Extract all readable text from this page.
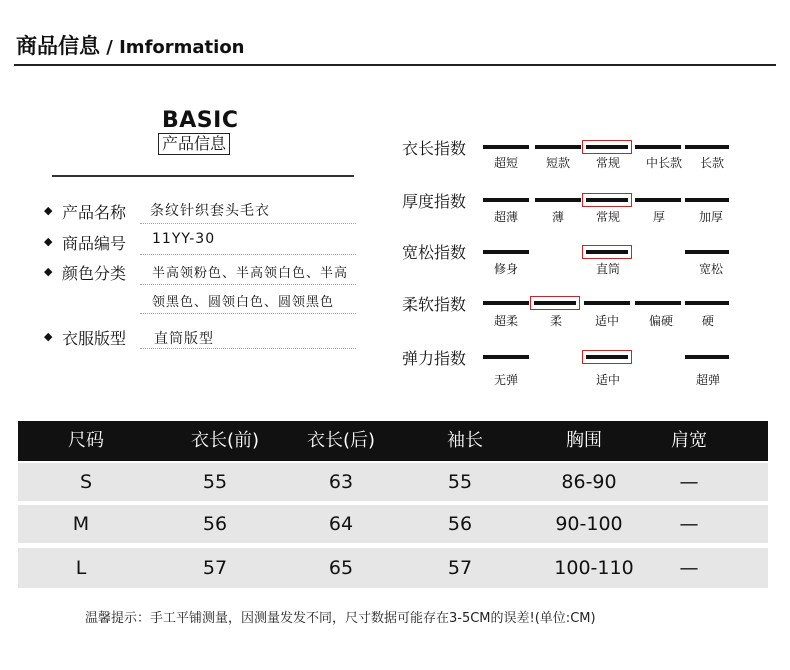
商品信息 / Imformation
BASIC
产品信息
◆ 产品名称 条纹针织套头毛衣
◆ 商品编号 11YY-30
◆ 颜色分类 半高领粉色、半高领白色、半高
领黑色、圆领白色、圆领黑色
◆ 衣服版型 直筒版型
衣长指数
超短	短款	常规	中长款	长款
厚度指数
超薄	薄	常规	厚	加厚
宽松指数
修身	直筒	宽松
柔软指数
超柔	柔	适中	偏硬	硬
弹力指数
无弹	适中	超弹
尺码	衣长(前)	衣长(后)	袖长	胸围	肩宽
S	55	63	55	86-90	—
M	56	64	56	90-100	—
L	57	65	57	100-110	—
温馨提示：手工平铺测量，因测量发发不同，尺寸数据可能存在3-5CM的误差!(单位:CM)
